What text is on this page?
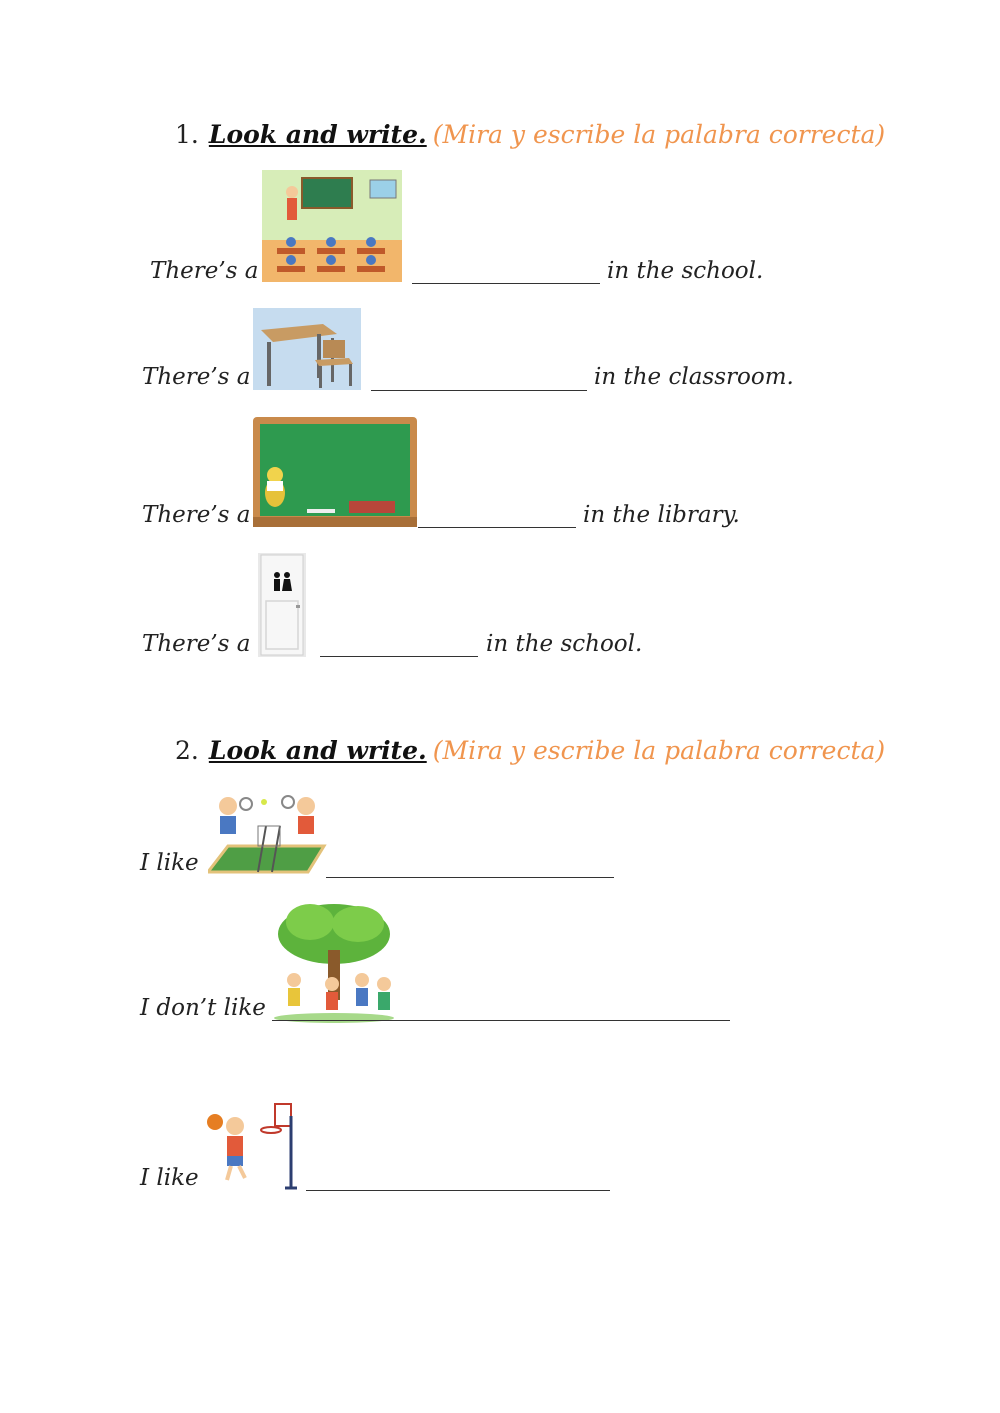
1. Look and write. (Mira y escribe la palabra correcta)
There’s a	in the school.
There’s a	in the classroom.
There’s a	in the library.
There’s a	in the school.
2. Look and write. (Mira y escribe la palabra correcta)
I like
I don’t like
I like
